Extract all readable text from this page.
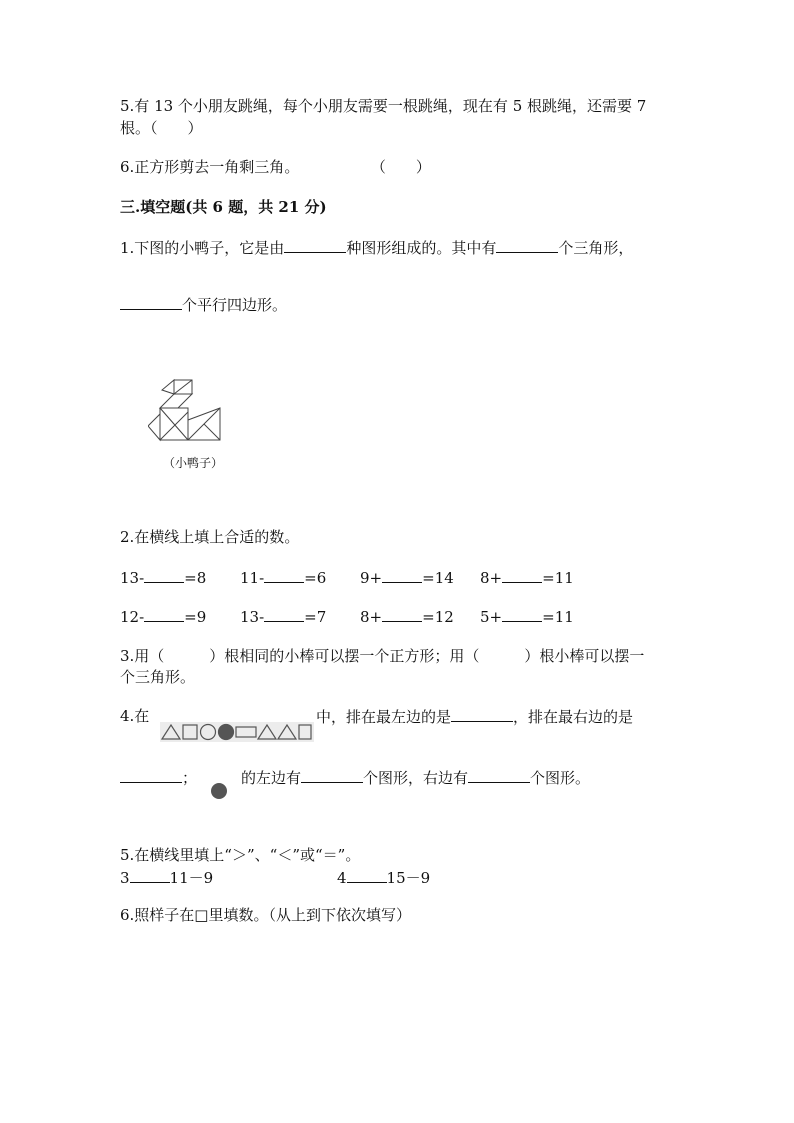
5.有 13 个小朋友跳绳，每个小朋友需要一根跳绳，现在有 5 根跳绳，还需要 7
根。（　　）
6.正方形剪去一角剩三角。	（　　）
三.填空题(共 6 题，共 21 分)
1.下图的小鸭子，它是由	种图形组成的。其中有	个三角形，
个平行四边形。
（小鸭子）
2.在横线上填上合适的数。
13-	=8 11-	=6 9+	=14 8+	=11
12-	=9 13-	=7 8+	=12 5+	=11
3.用（　　　）根相同的小棒可以摆一个正方形；用（　　　）根小棒可以摆一
个三角形。
4.在	中，排在最左边的是	，排在最右边的是
；	的左边有	个图形，右边有	个图形。
5.在横线里填上“＞”、“＜”或“＝”。
3	11－9	4	15－9
6.照样子在□里填数。（从上到下依次填写）
